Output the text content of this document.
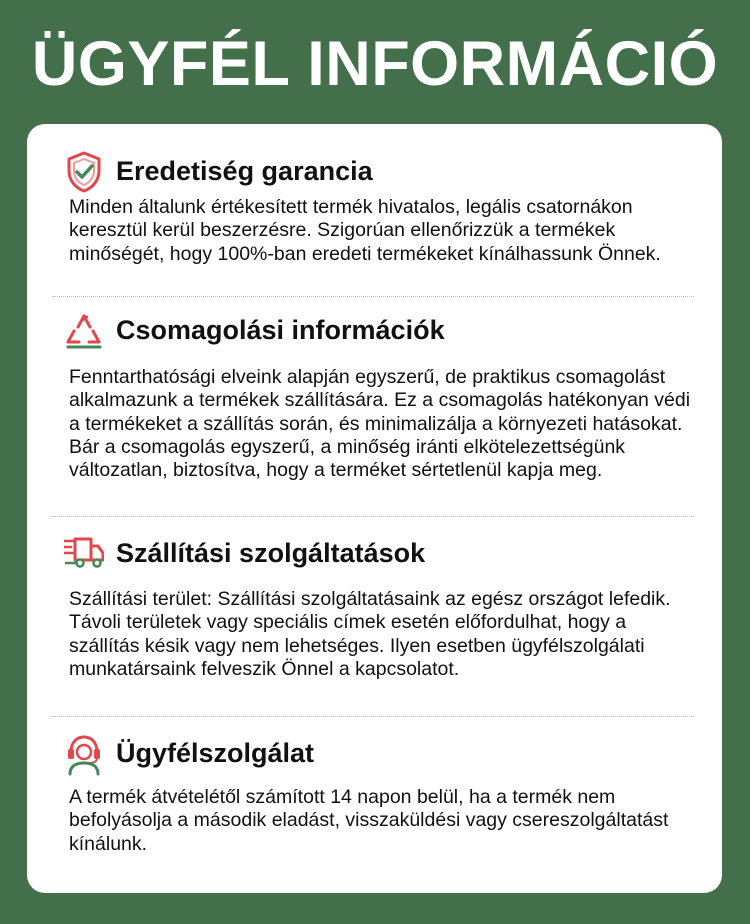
ÜGYFÉL INFORMÁCIÓ
Eredetiség garancia

Minden általunk értékesített termék hivatalos, legális csatornákon keresztül kerül beszerzésre. Szigorúan ellenőrizzük a termékek minőségét, hogy 100%-ban eredeti termékeket kínálhassunk Önnek.

Csomagolási információk

Fenntarthatósági elveink alapján egyszerű, de praktikus csomagolást alkalmazunk a termékek szállítására. Ez a csomagolás hatékonyan védi a termékeket a szállítás során, és minimalizálja a környezeti hatásokat. Bár a csomagolás egyszerű, a minőség iránti elkötelezettségünk változatlan, biztosítva, hogy a terméket sértetlenül kapja meg.

Szállítási szolgáltatások

Szállítási terület: Szállítási szolgáltatásaink az egész országot lefedik. Távoli területek vagy speciális címek esetén előfordulhat, hogy a szállítás késik vagy nem lehetséges. Ilyen esetben ügyfélszolgálati munkatársaink felveszik Önnel a kapcsolatot.

Ügyfélszolgálat

A termék átvételétől számított 14 napon belül, ha a termék nem befolyásolja a második eladást, visszaküldési vagy csereszolgáltatást kínálunk.
